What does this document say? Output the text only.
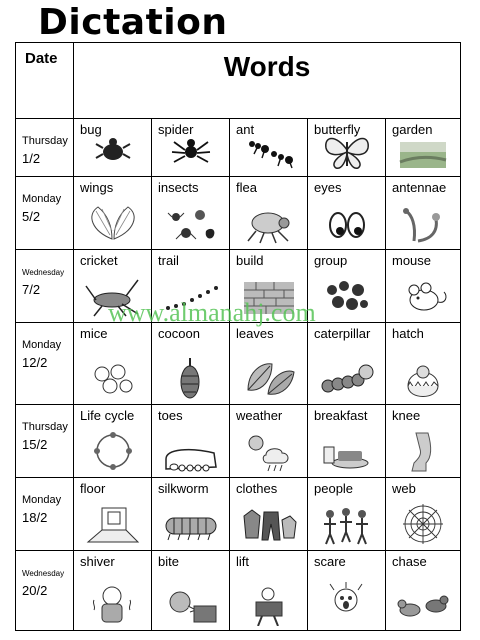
Dictation
Date	Words				

Thursday
1/2	bug	spider	ant	butterfly	garden

Monday
5/2	wings	insects	flea	eyes	antennae

Wednesday
7/2	cricket	trail	build	group	mouse

Monday
12/2	mice	cocoon	leaves	caterpillar	hatch

Thursday
15/2	Life cycle	toes	weather	breakfast	knee

Monday
18/2	floor	silkworm	clothes	people	web

Wednesday
20/2	shiver	bite	lift	scare	chase
www.almanahj.com
